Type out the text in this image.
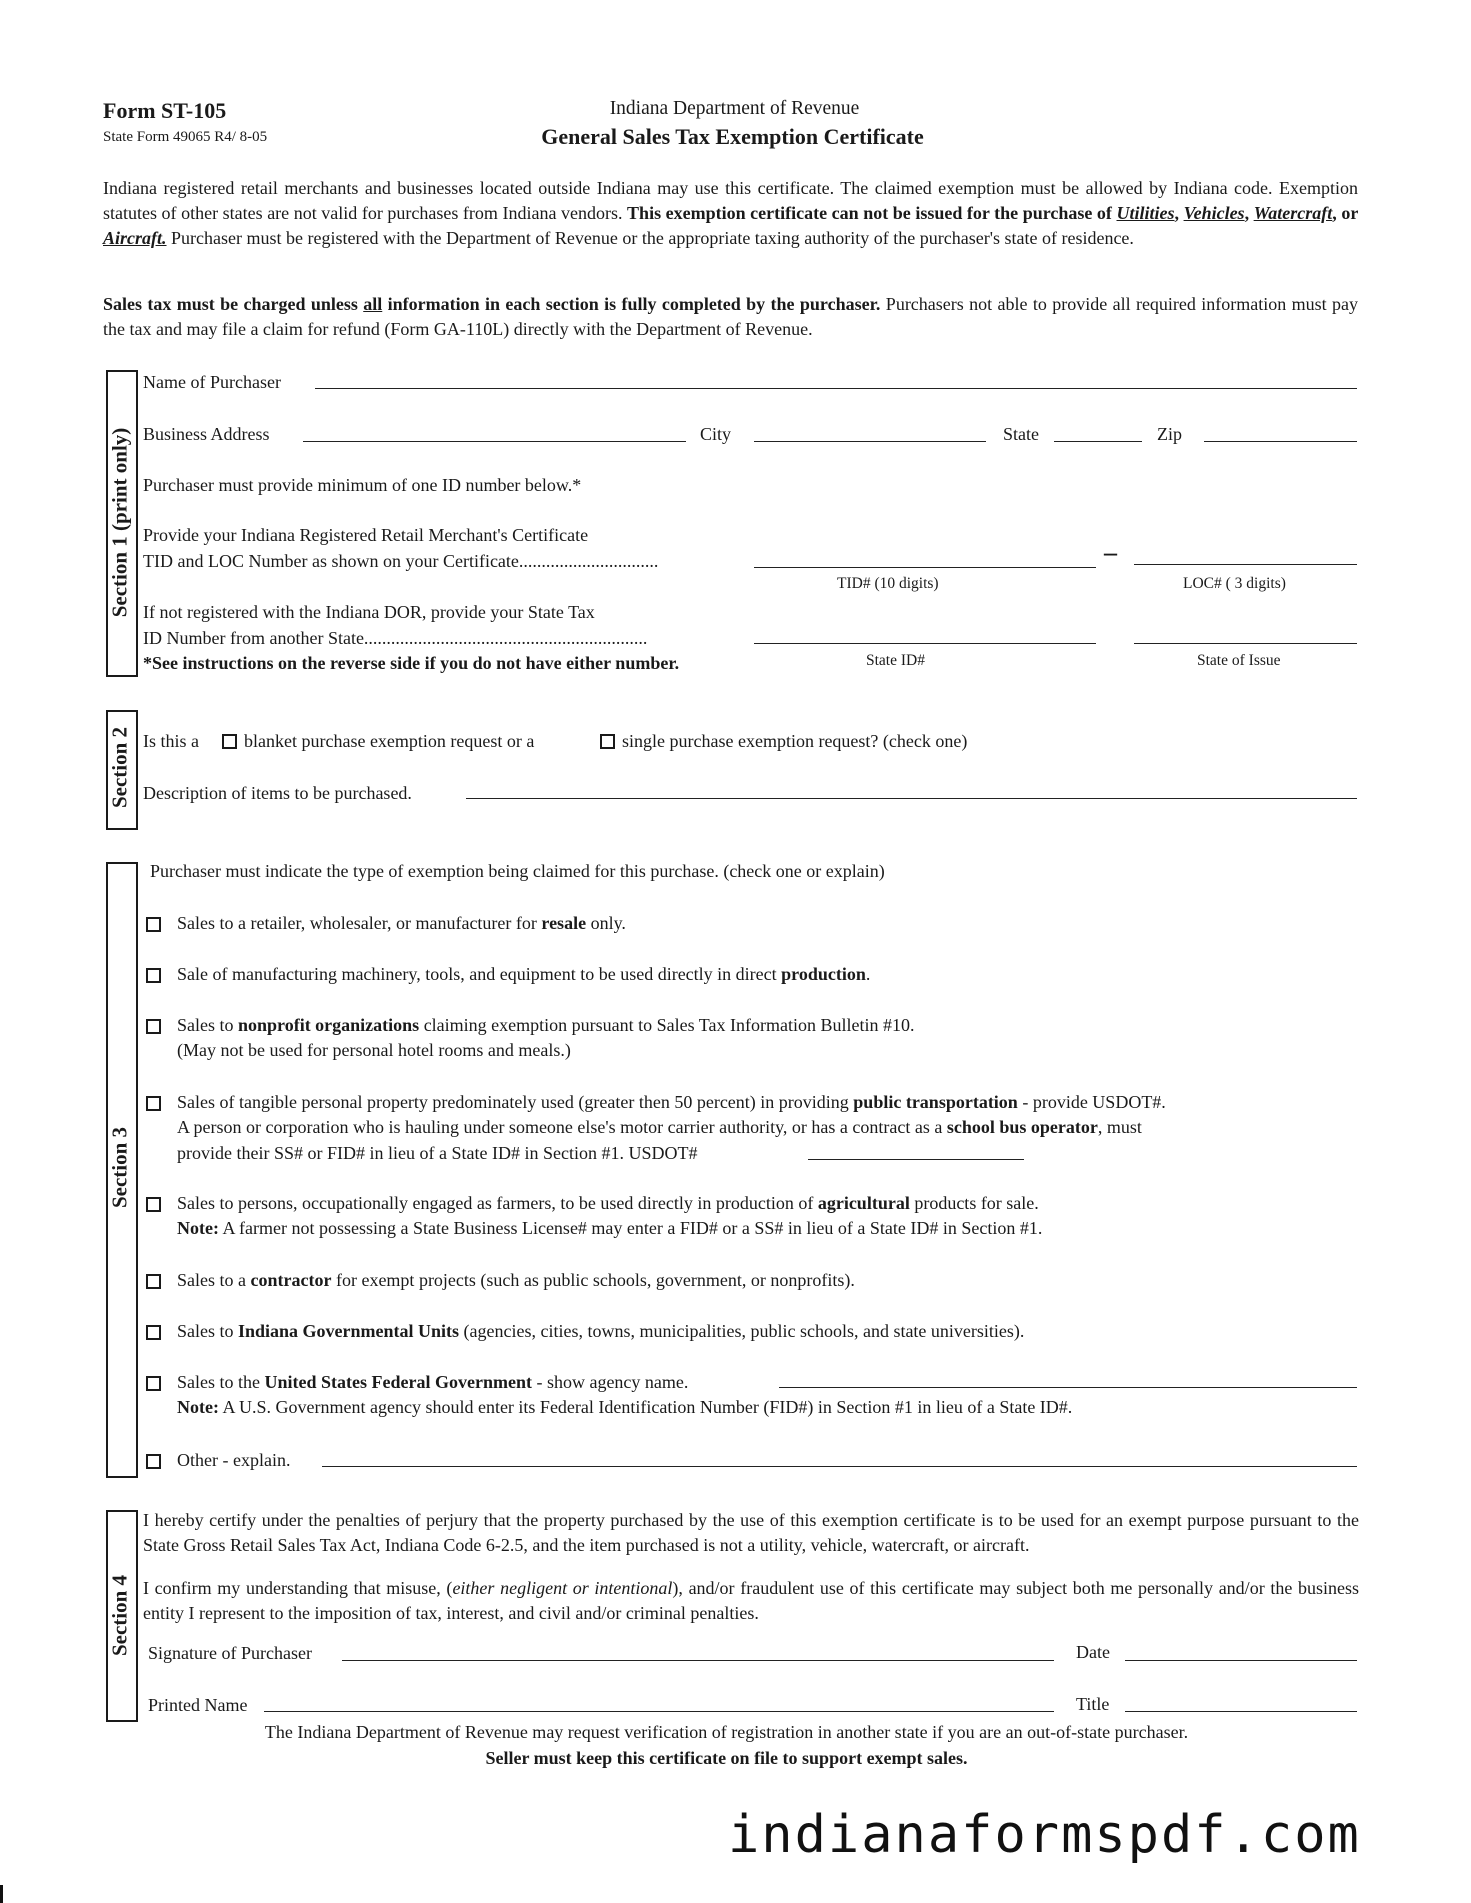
Form ST-105
State Form 49065 R4/ 8-05
Indiana Department of Revenue
General Sales Tax Exemption Certificate
Indiana registered retail merchants and businesses located outside Indiana may use this certificate. The claimed exemption must be allowed by Indiana code. Exemption statutes of other states are not valid for purchases from Indiana vendors. This exemption certificate can not be issued for the purchase of Utilities, Vehicles, Watercraft, or Aircraft. Purchaser must be registered with the Department of Revenue or the appropriate taxing authority of the purchaser's state of residence.
Sales tax must be charged unless all information in each section is fully completed by the purchaser. Purchasers not able to provide all required information must pay the tax and may file a claim for refund (Form GA-110L) directly with the Department of Revenue.
Section 1 (print only)
Name of Purchaser
Business Address	City	State	Zip
Purchaser must provide minimum of one ID number below.*
Provide your Indiana Registered Retail Merchant's Certificate
TID and LOC Number as shown on your Certificate...............................	–
TID# (10 digits)	LOC# ( 3 digits)
If not registered with the Indiana DOR, provide your State Tax
ID Number from another State...............................................................
*See instructions on the reverse side if you do not have either number.	State ID#	State of Issue
Section 2 Is this a	blanket purchase exemption request or a	single purchase exemption request? (check one)
Description of items to be purchased.
Section 3
Purchaser must indicate the type of exemption being claimed for this purchase. (check one or explain)
Sales to a retailer, wholesaler, or manufacturer for resale only.
Sale of manufacturing machinery, tools, and equipment to be used directly in direct production.
Sales to nonprofit organizations claiming exemption pursuant to Sales Tax Information Bulletin #10.
(May not be used for personal hotel rooms and meals.)
Sales of tangible personal property predominately used (greater then 50 percent) in providing public transportation - provide USDOT#.
A person or corporation who is hauling under someone else's motor carrier authority, or has a contract as a school bus operator, must
provide their SS# or FID# in lieu of a State ID# in Section #1. USDOT#
Sales to persons, occupationally engaged as farmers, to be used directly in production of agricultural products for sale.
Note: A farmer not possessing a State Business License# may enter a FID# or a SS# in lieu of a State ID# in Section #1.
Sales to a contractor for exempt projects (such as public schools, government, or nonprofits).
Sales to Indiana Governmental Units (agencies, cities, towns, municipalities, public schools, and state universities).
Sales to the United States Federal Government - show agency name.
Note: A U.S. Government agency should enter its Federal Identification Number (FID#) in Section #1 in lieu of a State ID#.
Other - explain.
Section 4
I hereby certify under the penalties of perjury that the property purchased by the use of this exemption certificate is to be used for an exempt purpose pursuant to the State Gross Retail Sales Tax Act, Indiana Code 6-2.5, and the item purchased is not a utility, vehicle, watercraft, or aircraft.
I confirm my understanding that misuse, (either negligent or intentional), and/or fraudulent use of this certificate may subject both me personally and/or the business entity I represent to the imposition of tax, interest, and civil and/or criminal penalties.
Signature of Purchaser	Date
Printed Name	Title
The Indiana Department of Revenue may request verification of registration in another state if you are an out-of-state purchaser.
Seller must keep this certificate on file to support exempt sales.
indianaformspdf.com
